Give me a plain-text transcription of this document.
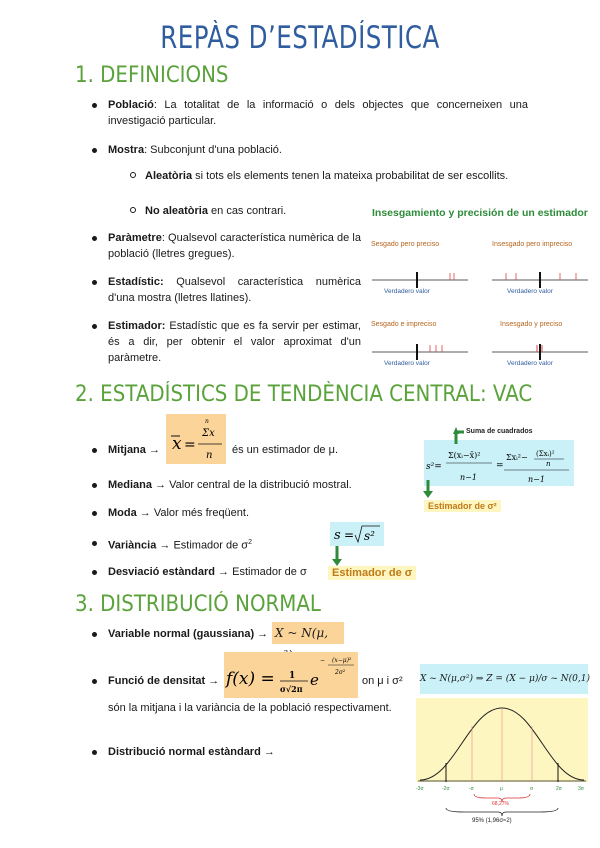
REPÀS D’ESTADÍSTICA
1. DEFINICIONS
Població: La totalitat de la informació o dels objectes que concerneixen una investigació particular.
Mostra: Subconjunt d'una població.
Aleatòria si tots els elements tenen la mateixa probabilitat de ser escollits.
No aleatòria en cas contrari.
Paràmetre: Qualsevol característica numèrica de la població (lletres gregues).
Estadístic: Qualsevol característica numèrica d'una mostra (lletres llatines).
Estimador: Estadístic que es fa servir per estimar, és a dir, per obtenir el valor aproximat d'un paràmetre.
Insesgamiento y precisión de un estimador
Sesgado pero preciso	Insesgado pero impreciso
Sesgado e impreciso	Insesgado y preciso
Verdadero valor	Verdadero valor
Verdadero valor	Verdadero valor
2. ESTADÍSTICS DE TENDÈNCIA CENTRAL: VAC
Mitjana → x =
Σx
n
n és un estimador de μ.
Mediana → Valor central de la distribució mostral.
Moda → Valor més freqüent.
Variància → Estimador de $\sigma^2$
Desviació estàndard → Estimador de σ
s²=
Σ(xᵢ−x̄)²
n−1
=
Σxᵢ²− (Σxᵢ)²
n
n−1
Suma de cuadrados
Estimador de σ²
s = s²
Estimador de σ
3. DISTRIBUCIÓ NORMAL
Variable normal (gaussiana) → X ~ N(μ,
Funció de densitat → f(x) = 1
σ√2π e
− (x−μ)²
2σ²
on μ i σ²
són la mitjana i la variància de la població respectivament.
Distribució normal estàndard →
X ~ N(μ,σ²) ⇒ Z = (X − μ)/σ ~ N(0,1)
-3σ	-2σ	-σ	μ	σ	2σ	3σ
68,27%
95% (1,96σ≈2)
